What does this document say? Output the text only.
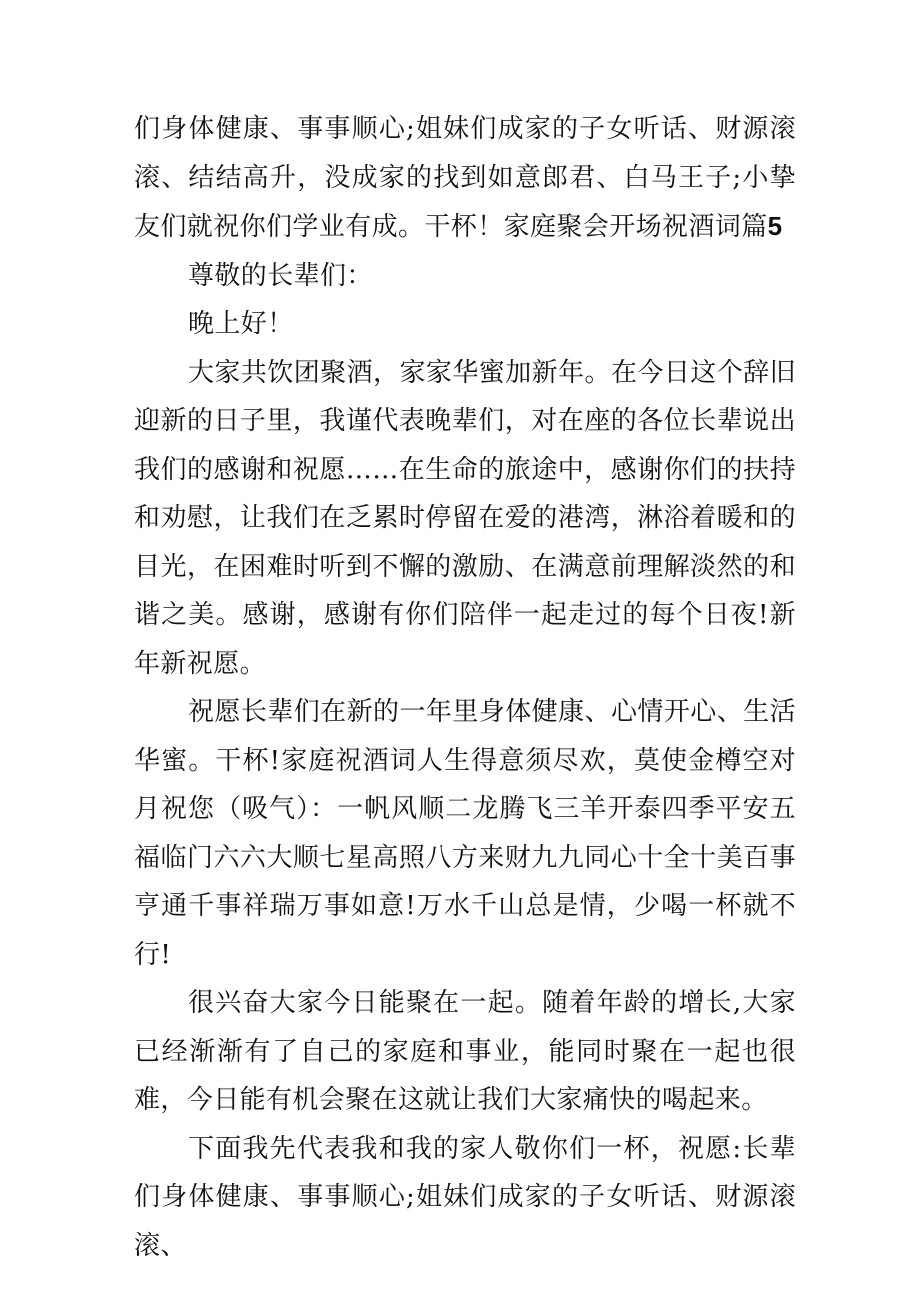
们身体健康、事事顺心;姐妹们成家的子女听话、财源滚滚、结结高升，没成家的找到如意郎君、白马王子;小挚友们就祝你们学业有成。干杯！家庭聚会开场祝酒词篇5

尊敬的长辈们：

晚上好！

大家共饮团聚酒，家家华蜜加新年。在今日这个辞旧迎新的日子里，我谨代表晚辈们，对在座的各位长辈说出我们的感谢和祝愿……在生命的旅途中，感谢你们的扶持和劝慰，让我们在乏累时停留在爱的港湾，淋浴着暖和的目光，在困难时听到不懈的激励、在满意前理解淡然的和谐之美。感谢，感谢有你们陪伴一起走过的每个日夜!新年新祝愿。

祝愿长辈们在新的一年里身体健康、心情开心、生活华蜜。干杯!家庭祝酒词人生得意须尽欢，莫使金樽空对月祝您（吸气）：一帆风顺二龙腾飞三羊开泰四季平安五福临门六六大顺七星高照八方来财九九同心十全十美百事亨通千事祥瑞万事如意!万水千山总是情，少喝一杯就不行!

很兴奋大家今日能聚在一起。随着年龄的增长,大家已经渐渐有了自己的家庭和事业，能同时聚在一起也很难，今日能有机会聚在这就让我们大家痛快的喝起来。

下面我先代表我和我的家人敬你们一杯，祝愿:长辈们身体健康、事事顺心;姐妹们成家的子女听话、财源滚滚、
